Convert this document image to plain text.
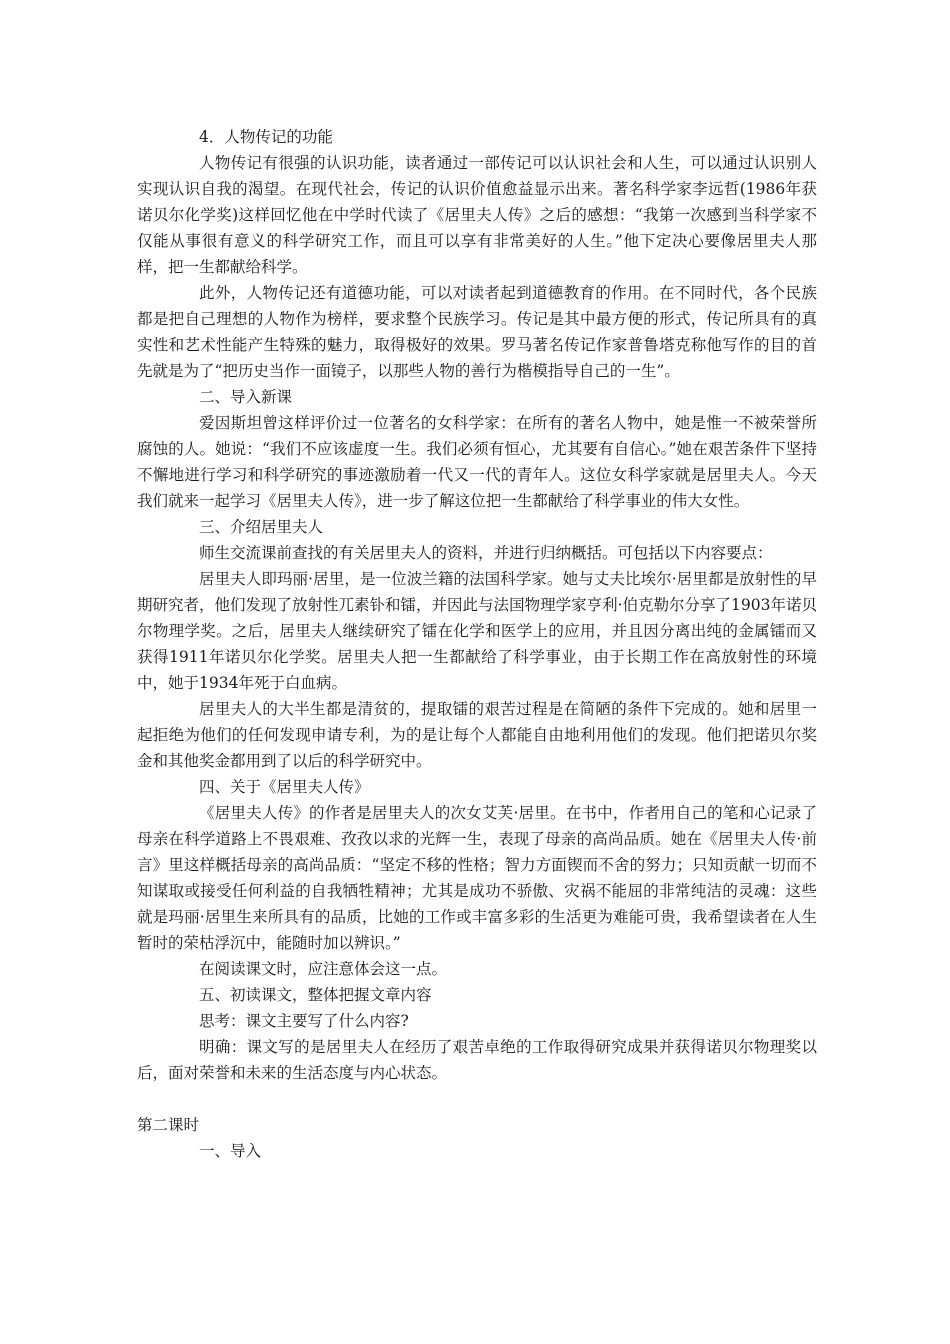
4．人物传记的功能

人物传记有很强的认识功能，读者通过一部传记可以认识社会和人生，可以通过认识别人实现认识自我的渴望。在现代社会，传记的认识价值愈益显示出来。著名科学家李远哲(1986年获诺贝尔化学奖)这样回忆他在中学时代读了《居里夫人传》之后的感想：“我第一次感到当科学家不仅能从事很有意义的科学研究工作，而且可以享有非常美好的人生。”他下定决心要像居里夫人那样，把一生都献给科学。

此外，人物传记还有道德功能，可以对读者起到道德教育的作用。在不同时代，各个民族都是把自己理想的人物作为榜样，要求整个民族学习。传记是其中最方便的形式，传记所具有的真实性和艺术性能产生特殊的魅力，取得极好的效果。罗马著名传记作家普鲁塔克称他写作的目的首先就是为了“把历史当作一面镜子，以那些人物的善行为楷模指导自己的一生”。

二、导入新课

爱因斯坦曾这样评价过一位著名的女科学家：在所有的著名人物中，她是惟一不被荣誉所腐蚀的人。她说：“我们不应该虚度一生。我们必须有恒心，尤其要有自信心。”她在艰苦条件下坚持不懈地进行学习和科学研究的事迹激励着一代又一代的青年人。这位女科学家就是居里夫人。今天我们就来一起学习《居里夫人传》，进一步了解这位把一生都献给了科学事业的伟大女性。

三、介绍居里夫人

师生交流课前查找的有关居里夫人的资料，并进行归纳概括。可包括以下内容要点：

居里夫人即玛丽·居里，是一位波兰籍的法国科学家。她与丈夫比埃尔·居里都是放射性的早期研究者，他们发现了放射性兀素钋和镭，并因此与法国物理学家亨利·伯克勒尔分享了1903年诺贝尔物理学奖。之后，居里夫人继续研究了镭在化学和医学上的应用，并且因分离出纯的金属镭而又获得1911年诺贝尔化学奖。居里夫人把一生都献给了科学事业，由于长期工作在高放射性的环境中，她于1934年死于白血病。

居里夫人的大半生都是清贫的，提取镭的艰苦过程是在简陋的条件下完成的。她和居里一起拒绝为他们的任何发现申请专利，为的是让每个人都能自由地利用他们的发现。他们把诺贝尔奖金和其他奖金都用到了以后的科学研究中。

四、关于《居里夫人传》

《居里夫人传》的作者是居里夫人的次女艾芙·居里。在书中，作者用自己的笔和心记录了母亲在科学道路上不畏艰难、孜孜以求的光辉一生，表现了母亲的高尚品质。她在《居里夫人传·前言》里这样概括母亲的高尚品质：“坚定不移的性格；智力方面锲而不舍的努力；只知贡献一切而不知谋取或接受任何利益的自我牺牲精神；尤其是成功不骄傲、灾祸不能屈的非常纯洁的灵魂：这些就是玛丽·居里生来所具有的品质，比她的工作或丰富多彩的生活更为难能可贵，我希望读者在人生暂时的荣枯浮沉中，能随时加以辨识。”

在阅读课文时，应注意体会这一点。

五、初读课文，整体把握文章内容

思考：课文主要写了什么内容?

明确：课文写的是居里夫人在经历了艰苦卓绝的工作取得研究成果并获得诺贝尔物理奖以后，面对荣誉和未来的生活态度与内心状态。

第二课时

一、导入
